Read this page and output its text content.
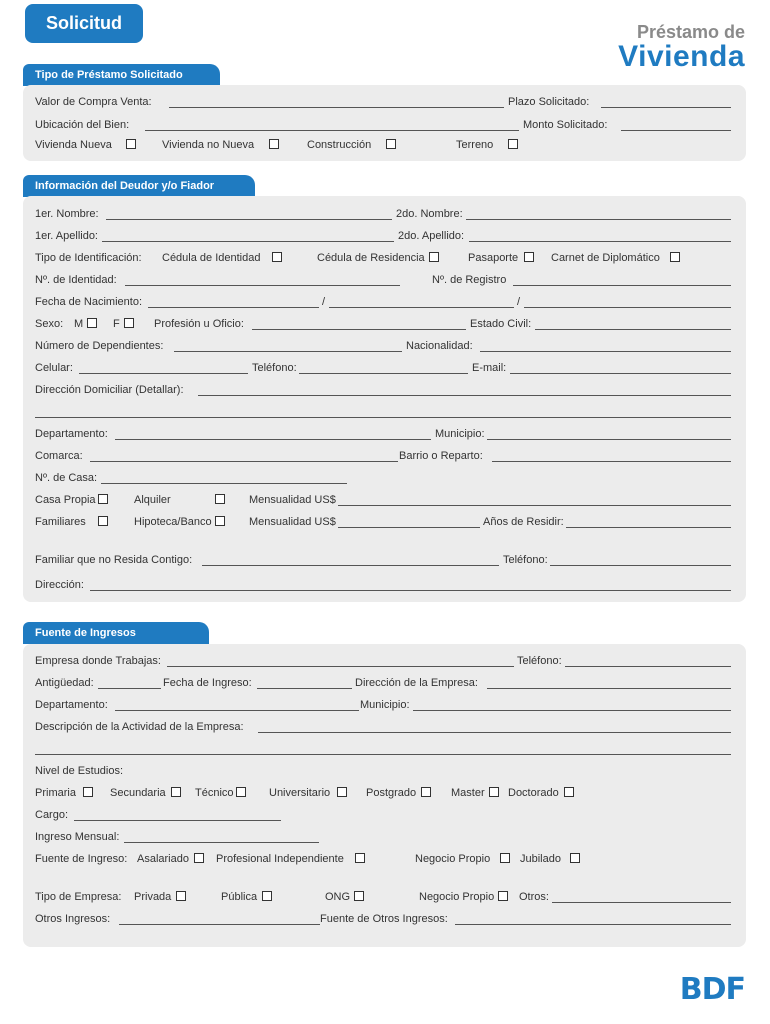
Solicitud	Préstamo de
Vivienda
Tipo de Préstamo Solicitado
Valor de Compra Venta:	Plazo Solicitado:
Ubicación del Bien:	Monto Solicitado:
Vivienda Nueva	Vivienda no Nueva	Construcción	Terreno
Información del Deudor y/o Fiador
1er. Nombre:	2do. Nombre:
1er. Apellido:	2do. Apellido:
Tipo de Identificación: Cédula de Identidad	Cédula de Residencia	Pasaporte	Carnet de Diplomático
Nº. de Identidad:	Nº. de Registro
Fecha de Nacimiento:	/	/
Sexo: M	F	Profesión u Oficio:	Estado Civil:
Número de Dependientes:	Nacionalidad:
Celular:	Teléfono:	E-mail:
Dirección Domiciliar (Detallar):
Departamento:	Municipio:
Comarca:	Barrio o Reparto:
Nº. de Casa:
Casa Propia	Alquiler	Mensualidad US$
Familiares	Hipoteca/Banco	Mensualidad US$	Años de Residir:
Familiar que no Resida Contigo:	Teléfono:
Dirección:
Fuente de Ingresos
Empresa donde Trabajas:	Teléfono:
Antigüedad:	Fecha de Ingreso:	Dirección de la Empresa:
Departamento:	Municipio:
Descripción de la Actividad de la Empresa:
Nivel de Estudios:
Primaria	Secundaria	Técnico	Universitario	Postgrado	Master Doctorado
Cargo:
Ingreso Mensual:
Fuente de Ingreso: Asalariado Profesional Independiente	Negocio Propio	Jubilado
Tipo de Empresa: Privada	Pública	ONG	Negocio Propio Otros:
Otros Ingresos:	Fuente de Otros Ingresos:
BDF
